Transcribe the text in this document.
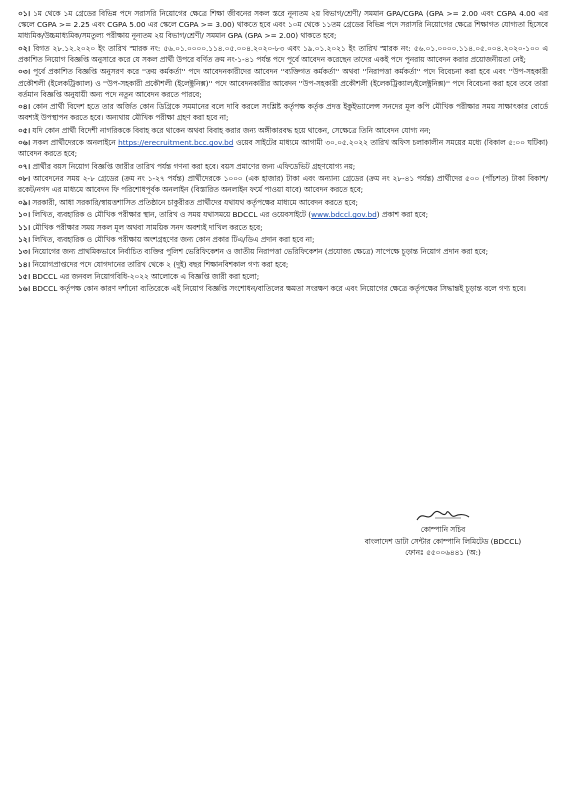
০১। ১ম থেকে ১ম গ্রেডের বিভিন্ন পদে সরাসরি নিয়োগের ক্ষেত্রে শিক্ষা জীবনের সকল স্তরে নূন্যতম ২য় বিভাগ/শ্রেণী/ সমমান GPA/CGPA (GPA >= 2.00 এবং CGPA 4.00 এর স্কেলে CGPA >= 2.25 এবং CGPA 5.00 এর স্কেলে CGPA >= 3.00) থাকতে হবে এবং ১০ম থেকে ১১তম গ্রেডের বিভিন্ন পদে সরাসরি নিয়োগের ক্ষেত্রে শিক্ষাগত যোগ্যতা হিসেবে মাধ্যমিক/উচ্চমাধ্যমিক/সমতুল্য পরীক্ষায় নূন্যতম ২য় বিভাগ/শ্রেণী/ সমমান GPA (GPA >= 2.00) থাকতে হবে;

০২। বিগত ২৮.১২.২০২০ ইং তারিখ স্মারক নং: ৫৬.০১.০০০০.১১৪.০৫.০০৪.২০২০-৮৩ এবং ১৯.০১.২০২১ ইং তারিখ স্মারক নং: ৫৬.০১.০০০০.১১৪.০৫.০০৪.২০২০-১০০ এ প্রকাশিত নিয়োগ বিজ্ঞপ্তি অনুসারে করে যে সকল প্রার্থী উপরে বর্ণিত ক্রম নং-১-৪১ পর্যন্ত পদে পূর্বে আবেদন করেছেন তাদের একই পদে পুনরায় আবেদন করার প্রয়োজনীয়তা নেই;

০৩। পূর্বে প্রকাশিত বিজ্ঞপ্তি অনুসরণ করে ''ক্রয় কর্মকর্তা'' পদে আবেদনকারীদের আবেদন ''ব্যক্তিগত কর্মকর্তা'' অথবা ''নিরাপত্তা কর্মকর্তা'' পদে বিবেচনা করা হবে এবং ''উপ-সহকারী প্রকৌশলী (ইলেকট্রিক্যাল) ও ''উপ-সহকারী প্রকৌশলী (ইলেক্ট্রনিক্স)'' পদে আবেদনকারীর আবেদন ''উপ-সহকারী প্রকৌশলী (ইলেকট্রিক্যাল/ইলেক্ট্রনিক্স)'' পদে বিবেচনা করা হবে তবে তারা বর্তমান বিজ্ঞপ্তি অনুযায়ী অন্য পদে নতুন আবেদন করতে পারবে;

০৪। কোন প্রার্থী বিদেশ হতে তার অর্জিত কোন ডিগ্রিকে সমমানের বলে দাবি করলে সংশ্লিষ্ট কর্তৃপক্ষ কর্তৃক প্রদত্ত ইকুইভ্যালেন্স সনদের মূল কপি মৌখিক পরীক্ষার সময় সাক্ষাৎকার বোর্ডে অবশ্যই উপস্থাপন করতে হবে। অন্যথায় মৌখিক পরীক্ষা গ্রহণ করা হবে না;

০৫। যদি কোন প্রার্থী বিদেশী নাগরিককে বিবাহ করে থাকেন অথবা বিবাহ করার জন্য অঙ্গীকারবদ্ধ হয়ে থাকেন, সেক্ষেত্রে তিনি আবেদন যোগ্য নন;

০৬। সকল প্রার্থীদেরকে অনলাইনে https://erecruitment.bcc.gov.bd ওয়েব সাইটের মাধ্যমে আগামী ৩০.০৫.২০২২ তারিখ অফিস চলাকালীন সময়ের মধ্যে (বিকাল ৫:০০ ঘটিকা) আবেদন করতে হবে;

০৭। প্রার্থীর বয়স নিয়োগ বিজ্ঞপ্তি জারীর তারিখ পর্যন্ত গণনা করা হবে। বয়স প্রমাণের জন্য এফিডেভিট গ্রহণযোগ্য নয়;

০৮। আবেদনের সময় ২-৮ গ্রেডের (ক্রম নং ১-২৭ পর্যন্ত) প্রার্থীদেরকে ১০০০ (এক হাজার) টাকা এবং অন্যান্য গ্রেডের (ক্রম নং ২৮-৪১ পর্যন্ত) প্রার্থীদের ৫০০ (পাঁচশত) টাকা বিকাশ/রকেট/নগদ এর মাধ্যমে আবেদন ফি পরিশোধপূর্বক অনলাইন (বিস্তারিত অনলাইন ফর্মে পাওয়া যাবে) আবেদন করতে হবে;

০৯। সরকারী, আধা সরকারি/স্বায়ত্তশাসিত প্রতিষ্ঠানে চাকুরীরত প্রার্থীদের যথাযথ কর্তৃপক্ষের মাধ্যমে আবেদন করতে হবে;

১০। লিখিত, ব্যবহারিক ও মৌখিক পরীক্ষার স্থান, তারিখ ও সময় যথাসময়ে BDCCL এর ওয়েবসাইটে (www.bdccl.gov.bd) প্রকাশ করা হবে;

১১। মৌখিক পরীক্ষার সময় সকল মূল অথবা সাময়িক সনদ অবশ্যই দাখিল করতে হবে;

১২। লিখিত, ব্যবহারিক ও মৌখিক পরীক্ষায় অংশগ্রহণের জন্য কোন প্রকার টিএ/ডিএ প্রদান করা হবে না;

১৩। নিয়োগের জন্য প্রাথমিকভাবে নির্বাচিত ব্যক্তির পুলিশ ভেরিফিকেশন ও জাতীয় নিরাপত্তা ভেরিফিকেশন (প্রযোজ্য ক্ষেত্রে) সাপেক্ষে চূড়ান্ত নিয়োগ প্রদান করা হবে;

১৪। নিয়োগপ্রাপ্তদের পদে যোগদানের তারিখ থেকে ২ (দুই) বছর শিক্ষানবিশকাল গণ্য করা হবে;

১৫। BDCCL এর জনবল নিয়োগবিধি-২০২২ আলোকে এ বিজ্ঞপ্তি জারী করা হলো;

১৬। BDCCL কর্তৃপক্ষ কোন কারণ দর্শানো ব্যতিরেকে এই নিয়োগ বিজ্ঞপ্তি সংশোধন/বাতিলের ক্ষমতা সংরক্ষণ করে এবং নিয়োগের ক্ষেত্রে কর্তৃপক্ষের সিদ্ধান্তই চূড়ান্ত বলে গণ্য হবে।

কোম্পানি সচিব
বাংলাদেশ ডাটা সেন্টার কোম্পানি লিমিটেড (BDCCL)
ফোনঃ ৫৫০০৬৪৪১ (অ:)
